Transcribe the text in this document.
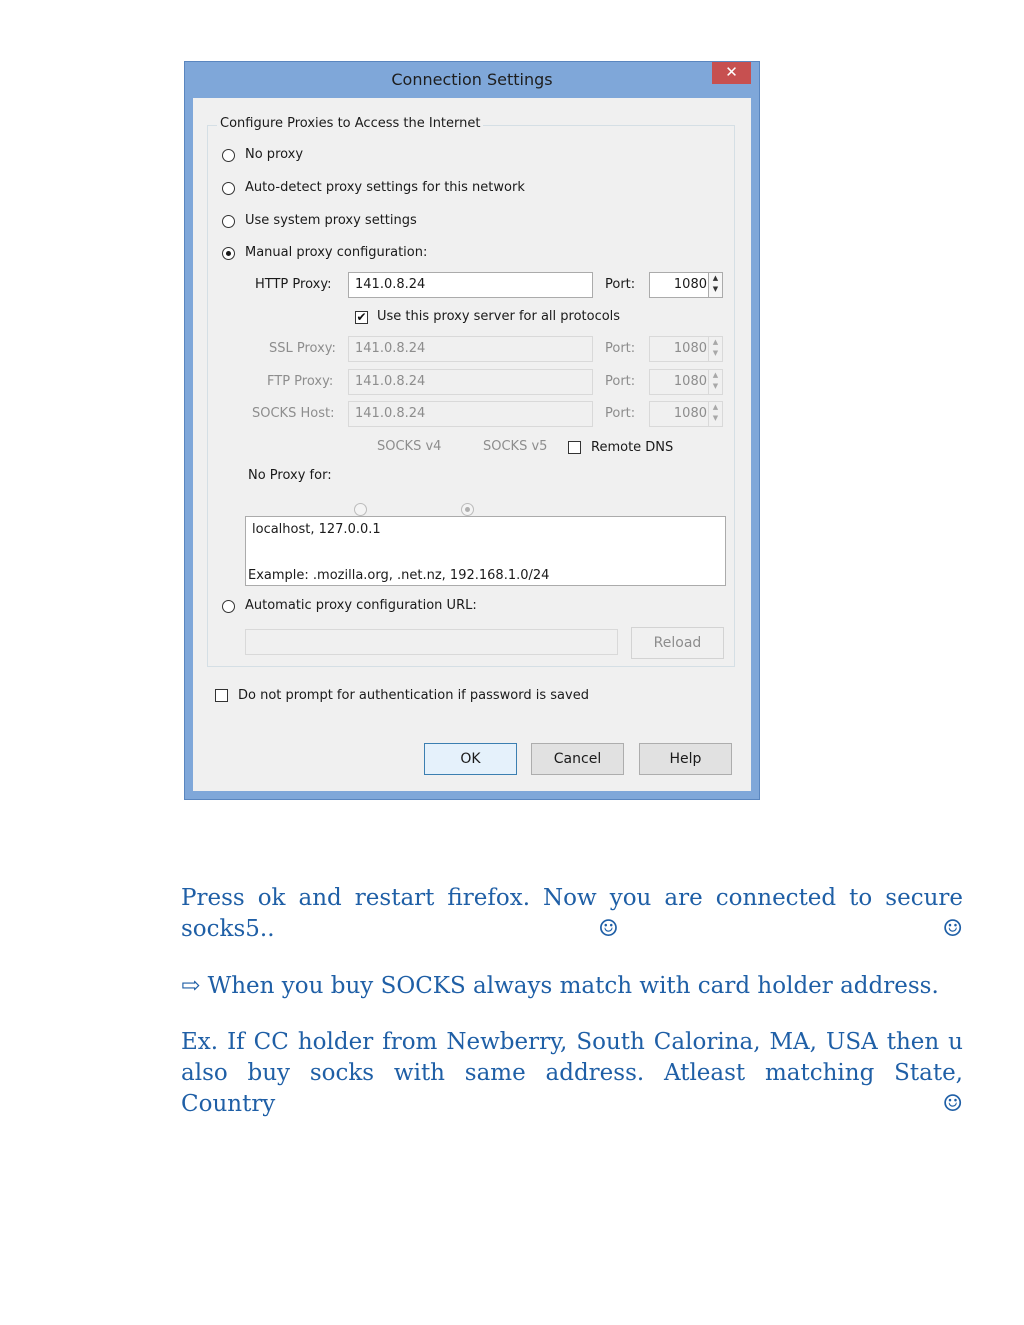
Connection Settings	✕
Configure Proxies to Access the Internet
No proxy
Auto-detect proxy settings for this network
Use system proxy settings
Manual proxy configuration:
HTTP Proxy:	141.0.8.24	Port:	1080 ▲
▼
✔ Use this proxy server for all protocols
SSL Proxy:	141.0.8.24	Port:	1080 ▲
▼
FTP Proxy:	141.0.8.24	Port:	1080 ▲
▼
SOCKS Host:	141.0.8.24	Port:	1080 ▲
▼
SOCKS v4	SOCKS v5	Remote DNS
No Proxy for:
localhost, 127.0.0.1
Example: .mozilla.org, .net.nz, 192.168.1.0/24
Automatic proxy configuration URL:
Reload
Do not prompt for authentication if password is saved
OK	Cancel	Help
Press ok and restart firefox. Now you are connected to secure socks5.. ☺ ☺
⇨ When you buy SOCKS always match with card holder address.
Ex. If CC holder from Newberry, South Calorina, MA, USA then u also buy socks with same address. Atleast matching State, Country ☺
